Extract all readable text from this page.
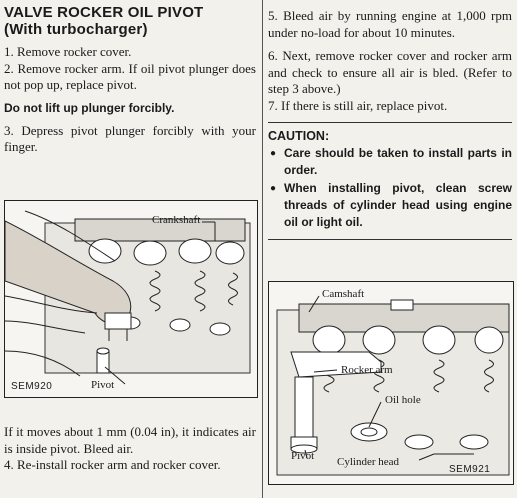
VALVE ROCKER OIL PIVOT
(With turbocharger)

1. Remove rocker cover.

2. Remove rocker arm. If oil pivot plunger does not pop up, replace pivot.

Do not lift up plunger forcibly.

3. Depress pivot plunger forcibly with your finger.

Crankshaft
Pivot
SEM920

If it moves about 1 mm (0.04 in), it indicates air is inside pivot. Bleed air.

4. Re-install rocker arm and rocker cover.

5. Bleed air by running engine at 1,000 rpm under no-load for about 10 minutes.

6. Next, remove rocker cover and rocker arm and check to ensure all air is bled. (Refer to step 3 above.)

7. If there is still air, replace pivot.

CAUTION:
● Care should be taken to install parts in order.
● When installing pivot, clean screw threads of cylinder head using engine oil or light oil.
Camshaft
Rocker arm
Oil hole
Pivot Cylinder head
SEM921
